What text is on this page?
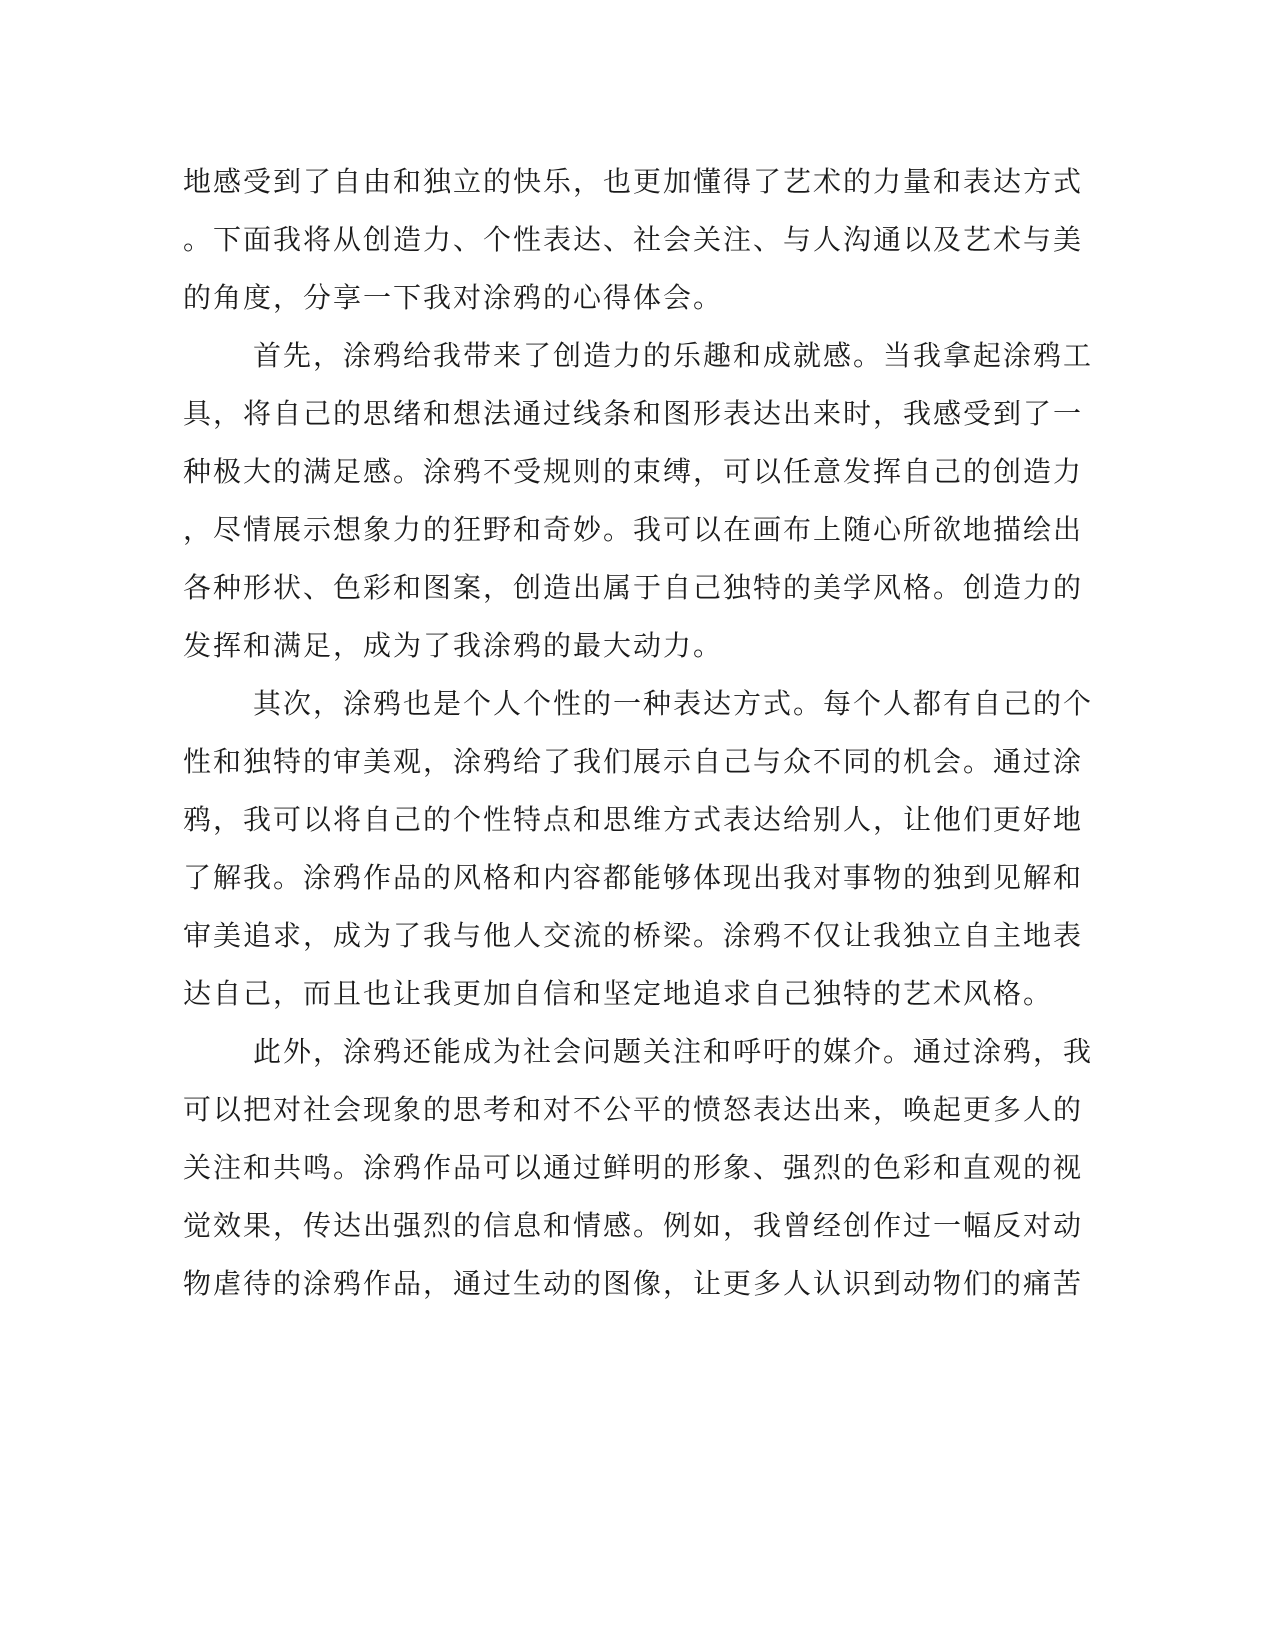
地感受到了自由和独立的快乐，也更加懂得了艺术的力量和表达方式
。下面我将从创造力、个性表达、社会关注、与人沟通以及艺术与美
的角度，分享一下我对涂鸦的心得体会。
首先，涂鸦给我带来了创造力的乐趣和成就感。当我拿起涂鸦工
具，将自己的思绪和想法通过线条和图形表达出来时，我感受到了一
种极大的满足感。涂鸦不受规则的束缚，可以任意发挥自己的创造力
，尽情展示想象力的狂野和奇妙。我可以在画布上随心所欲地描绘出
各种形状、色彩和图案，创造出属于自己独特的美学风格。创造力的
发挥和满足，成为了我涂鸦的最大动力。
其次，涂鸦也是个人个性的一种表达方式。每个人都有自己的个
性和独特的审美观，涂鸦给了我们展示自己与众不同的机会。通过涂
鸦，我可以将自己的个性特点和思维方式表达给别人，让他们更好地
了解我。涂鸦作品的风格和内容都能够体现出我对事物的独到见解和
审美追求，成为了我与他人交流的桥梁。涂鸦不仅让我独立自主地表
达自己，而且也让我更加自信和坚定地追求自己独特的艺术风格。
此外，涂鸦还能成为社会问题关注和呼吁的媒介。通过涂鸦，我
可以把对社会现象的思考和对不公平的愤怒表达出来，唤起更多人的
关注和共鸣。涂鸦作品可以通过鲜明的形象、强烈的色彩和直观的视
觉效果，传达出强烈的信息和情感。例如，我曾经创作过一幅反对动
物虐待的涂鸦作品，通过生动的图像，让更多人认识到动物们的痛苦
